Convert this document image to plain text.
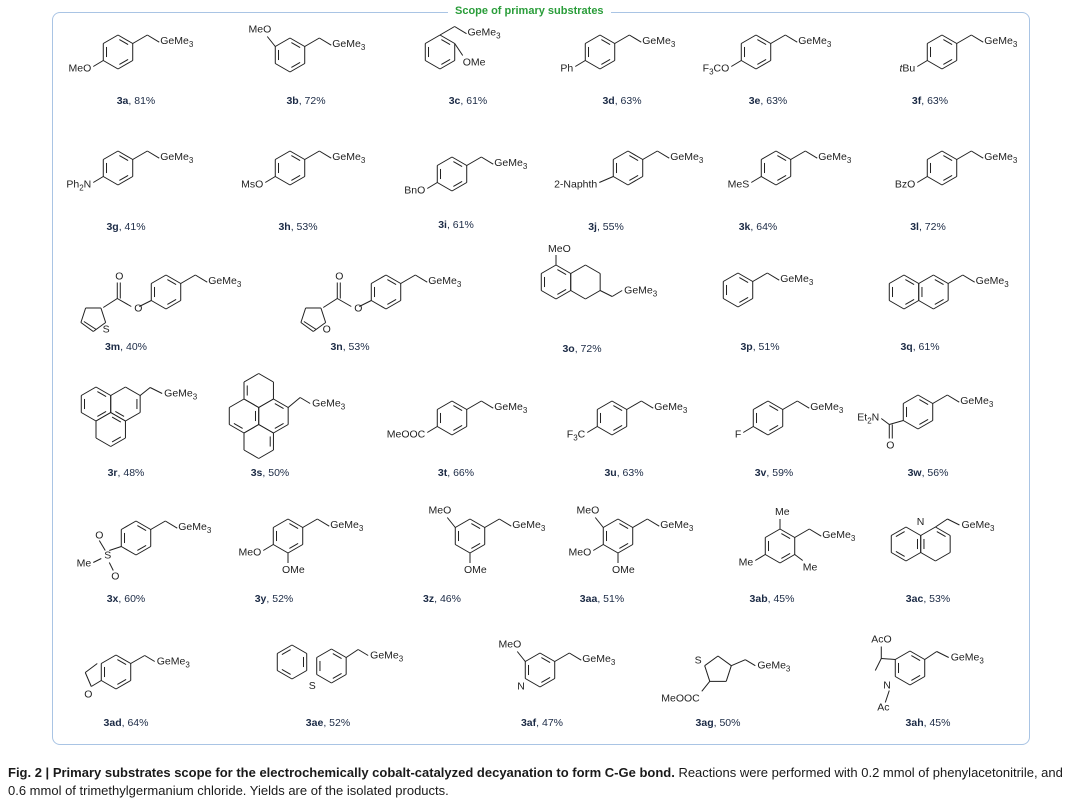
Scope of primary substrates
GeMe$_3$
MeO
GeMe$_3$
MeO	GeMe$_3$
OMe
GeMe$_3$
Ph
GeMe$_3$
$F_3CO$
GeMe$_3$
tBu
GeMe$_3$
$Ph_2N$
GeMe$_3$
MsO
GeMe$_3$
BnO
GeMe$_3$
2-Naphth
GeMe$_3$
MeS
GeMe$_3$
BzO
GeMe$_3$
O
O
S
GeMe$_3$
O
O
O
MeO
GeMe$_3$
GeMe$_3$	GeMe$_3$
GeMe$_3$
GeMe$_3$	GeMe$_3$
MeOOC
GeMe$_3$
$F_3C$
GeMe$_3$
F
GeMe$_3$
O
$Et_2N$
GeMe$_3$
S
O
O
Me
GeMe$_3$
MeO
OMe
GeMe$_3$
MeO
OMe
GeMe$_3$
MeO
MeO
OMe
GeMe$_3$
Me
Me	Me
N	GeMe$_3$
O
GeMe$_3$
S
GeMe$_3$	GeMe$_3$
MeO
N
S	GeMe$_3$
MeOOC
N
AcO
Ac
GeMe$_3$
3a, 81%	3b, 72%	3c, 61%	3d, 63%	3e, 63%	3f, 63%
3g, 41%	3h, 53%	3i, 61%	3j, 55%	3k, 64%	3l, 72%
3m, 40%	3n, 53%	3o, 72%	3p, 51%	3q, 61%
3r, 48%	3s, 50%	3t, 66%	3u, 63%	3v, 59%	3w, 56%
3x, 60%	3y, 52%	3z, 46%	3aa, 51%	3ab, 45%	3ac, 53%
3ad, 64%	3ae, 52%	3af, 47%	3ag, 50%	3ah, 45%
Fig. 2 | Primary substrates scope for the electrochemically cobalt-catalyzed decyanation to form C-Ge bond. Reactions were performed with 0.2 mmol of phenylacetonitrile, and 0.6 mmol of trimethylgermanium chloride. Yields are of the isolated products.
